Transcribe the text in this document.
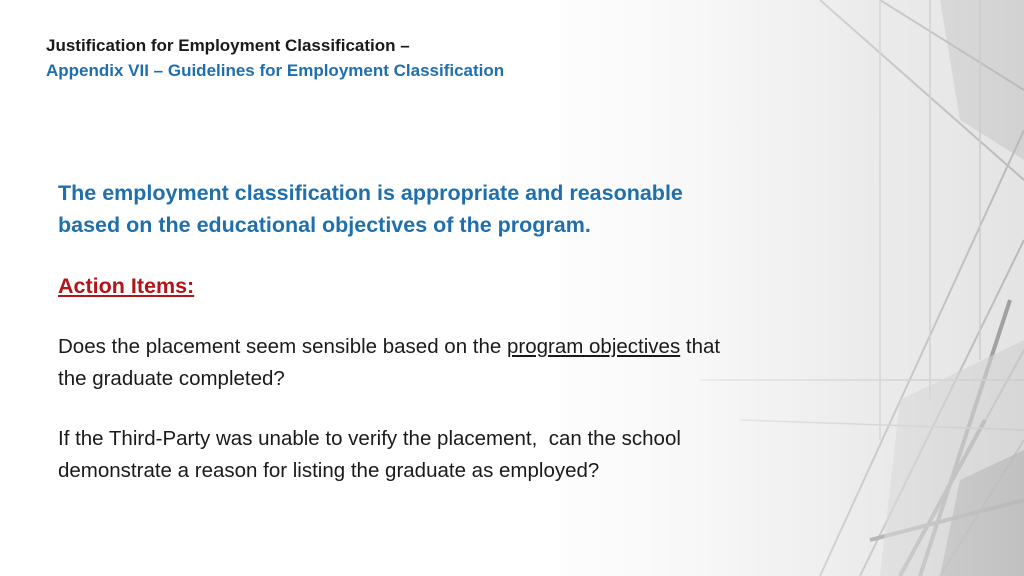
Justification for Employment Classification –
Appendix VII – Guidelines for Employment Classification

The employment classification is appropriate and reasonable
based on the educational objectives of the program.

Action Items:

Does the placement seem sensible based on the program objectives that
the graduate completed?

If the Third-Party was unable to verify the placement,  can the school
demonstrate a reason for listing the graduate as employed?
